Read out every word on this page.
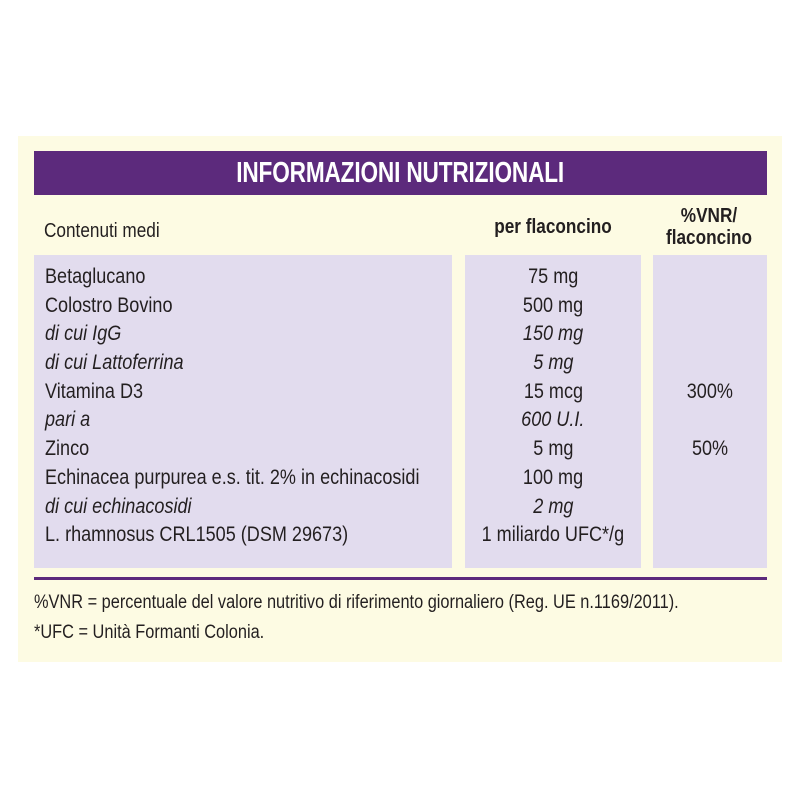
INFORMAZIONI NUTRIZIONALI
Contenuti medi	per flaconcino	%VNR/
flaconcino
Betaglucano
Colostro Bovino
di cui IgG
di cui Lattoferrina
Vitamina D3
pari a
Zinco
Echinacea purpurea e.s. tit. 2% in echinacosidi
di cui echinacosidi
L. rhamnosus CRL1505 (DSM 29673)
75 mg
500 mg
150 mg
5 mg
15 mcg
600 U.I.
5 mg
100 mg
2 mg
1 miliardo UFC*/g
300%
50%
%VNR = percentuale del valore nutritivo di riferimento giornaliero (Reg. UE n.1169/2011).
*UFC = Unità Formanti Colonia.
